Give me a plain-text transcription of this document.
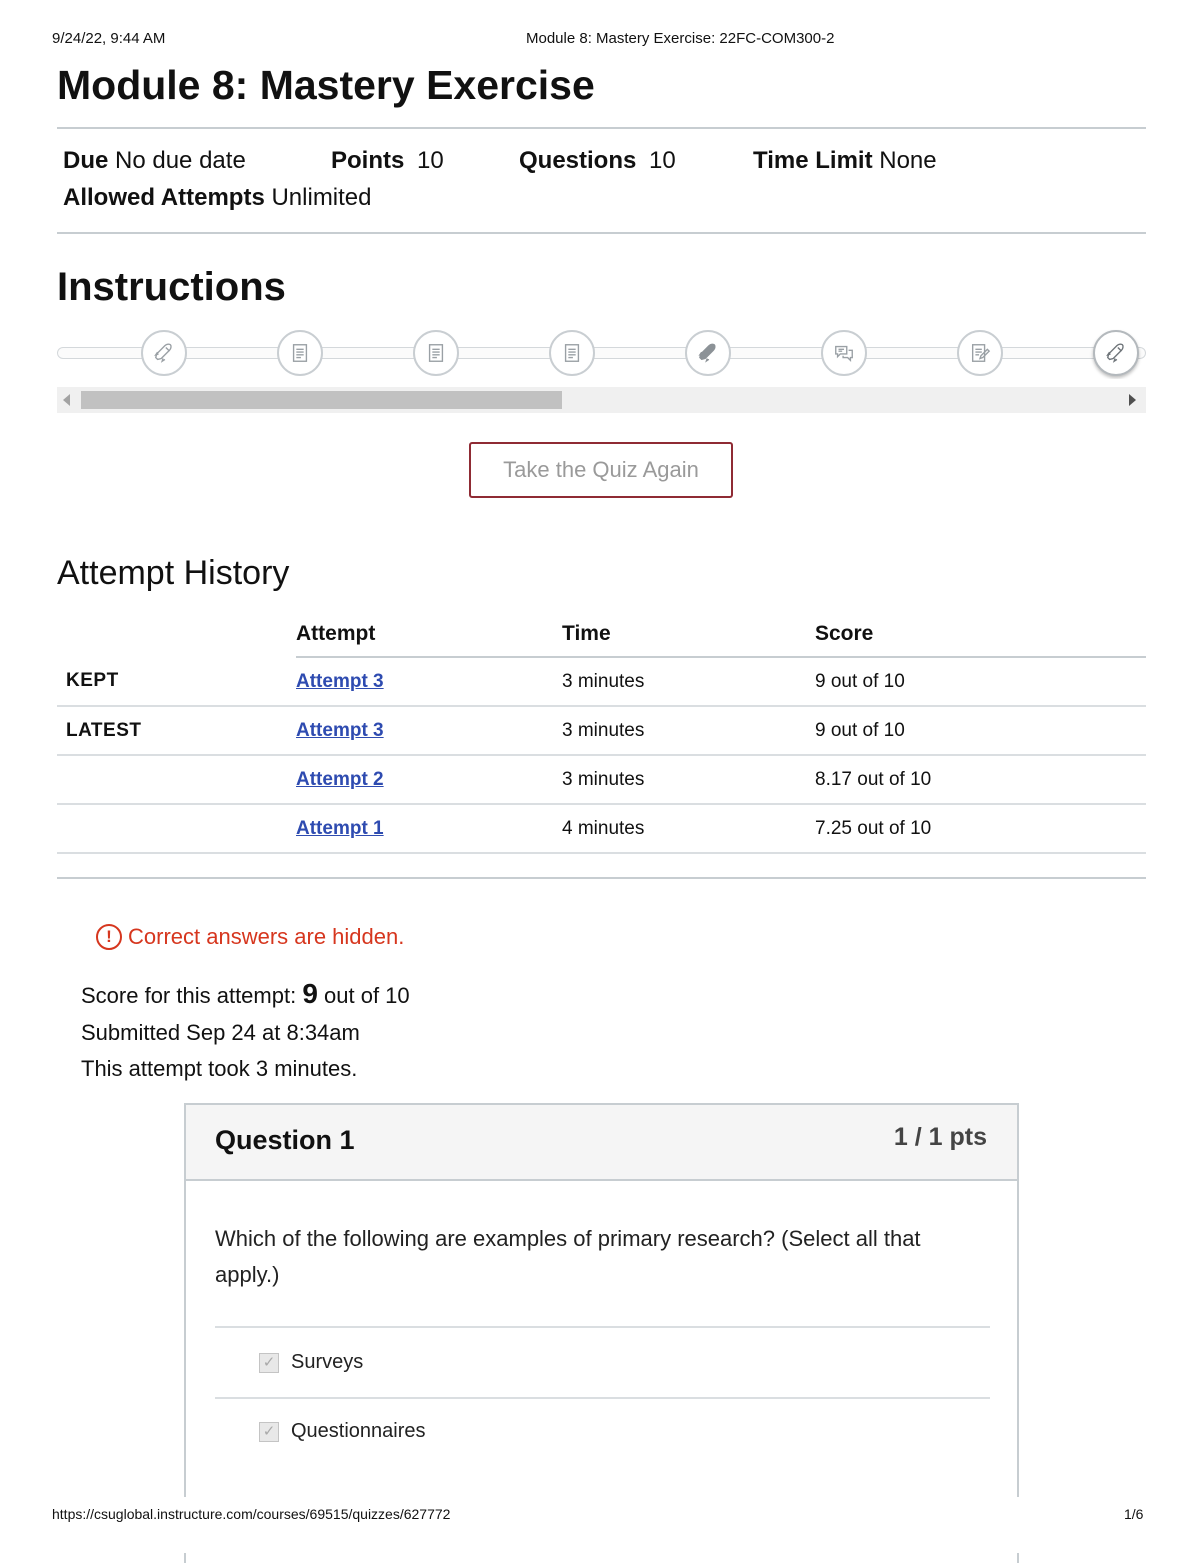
9/24/22, 9:44 AM	Module 8: Mastery Exercise: 22FC-COM300-2
Module 8: Mastery Exercise
Due No due date	Points 10	Questions 10	Time Limit None
Allowed Attempts Unlimited
Instructions
Take the Quiz Again
Attempt History
	Attempt	Time	Score
KEPT	Attempt 3	3 minutes	9 out of 10
LATEST	Attempt 3	3 minutes	9 out of 10
	Attempt 2	3 minutes	8.17 out of 10
	Attempt 1	4 minutes	7.25 out of 10
! Correct answers are hidden.
Score for this attempt: 9 out of 10
Submitted Sep 24 at 8:34am
This attempt took 3 minutes.
Question 1	1 / 1 pts
Which of the following are examples of primary research? (Select all that apply.)
✓ Surveys
✓ Questionnaires
https://csuglobal.instructure.com/courses/69515/quizzes/627772	1/6
